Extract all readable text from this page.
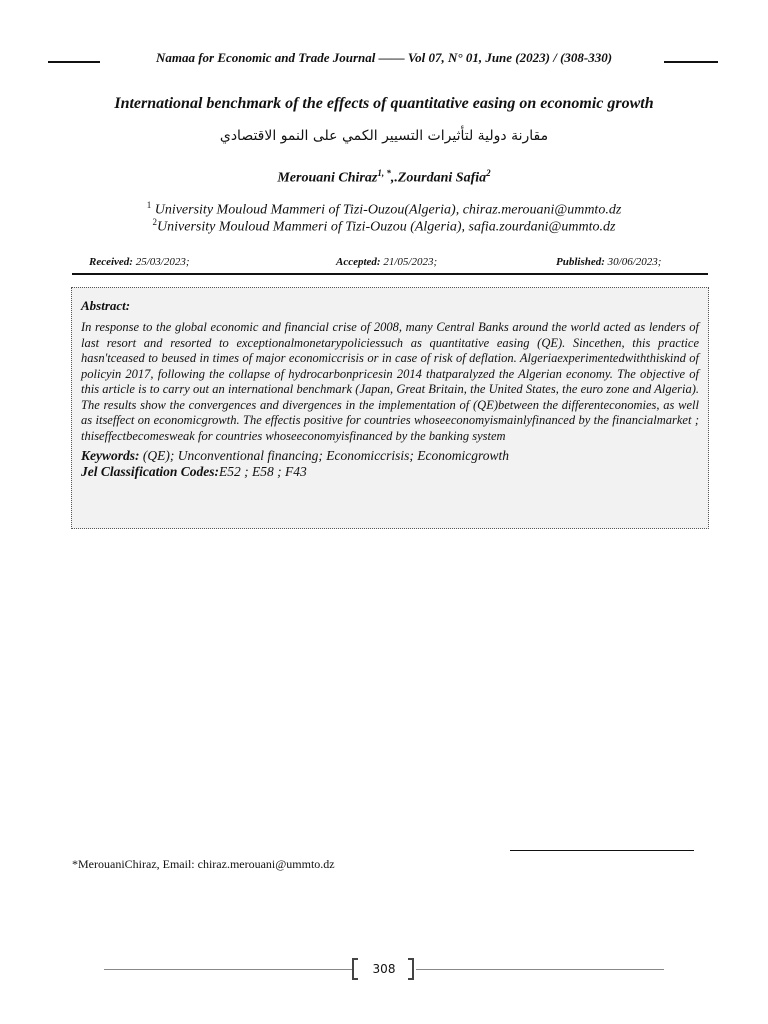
Namaa for Economic and Trade Journal —— Vol 07, N° 01, June (2023) / (308-330)
International benchmark of the effects of quantitative easing on economic growth
مقارنة دولية لتأثيرات التسيير الكمي على النمو الاقتصادي
Merouani Chiraz$^{1, *}$,.Zourdani Safia$^2$
$^1$ University Mouloud Mammeri of Tizi-Ouzou(Algeria), chiraz.merouani@ummto.dz
$^2$University Mouloud Mammeri of Tizi-Ouzou (Algeria), safia.zourdani@ummto.dz
Received: 25/03/2023;	Accepted: 21/05/2023;	Published: 30/06/2023;
Abstract:

In response to the global economic and financial crise of 2008, many Central Banks around the world acted as lenders of last resort and resorted to exceptionalmonetarypoliciessuch as quantitative easing (QE). Sincethen, this practice hasn'tceased to beused in times of major economiccrisis or in case of risk of deflation. Algeriaexperimentedwiththiskind of policyin 2017, following the collapse of hydrocarbonpricesin 2014 thatparalyzed the Algerian economy. The objective of this article is to carry out an international benchmark (Japan, Great Britain, the United States, the euro zone and Algeria). The results show the convergences and divergences in the implementation of (QE)between the differenteconomies, as well as itseffect on economicgrowth. The effectis positive for countries whoseeconomyismainlyfinanced by the financialmarket ; thiseffectbecomesweak for countries whoseeconomyisfinanced by the banking system

Keywords: (QE); Unconventional financing; Economiccrisis; Economicgrowth
Jel Classification Codes:E52 ; E58 ; F43
*MerouaniChiraz, Email: chiraz.merouani@ummto.dz
308
